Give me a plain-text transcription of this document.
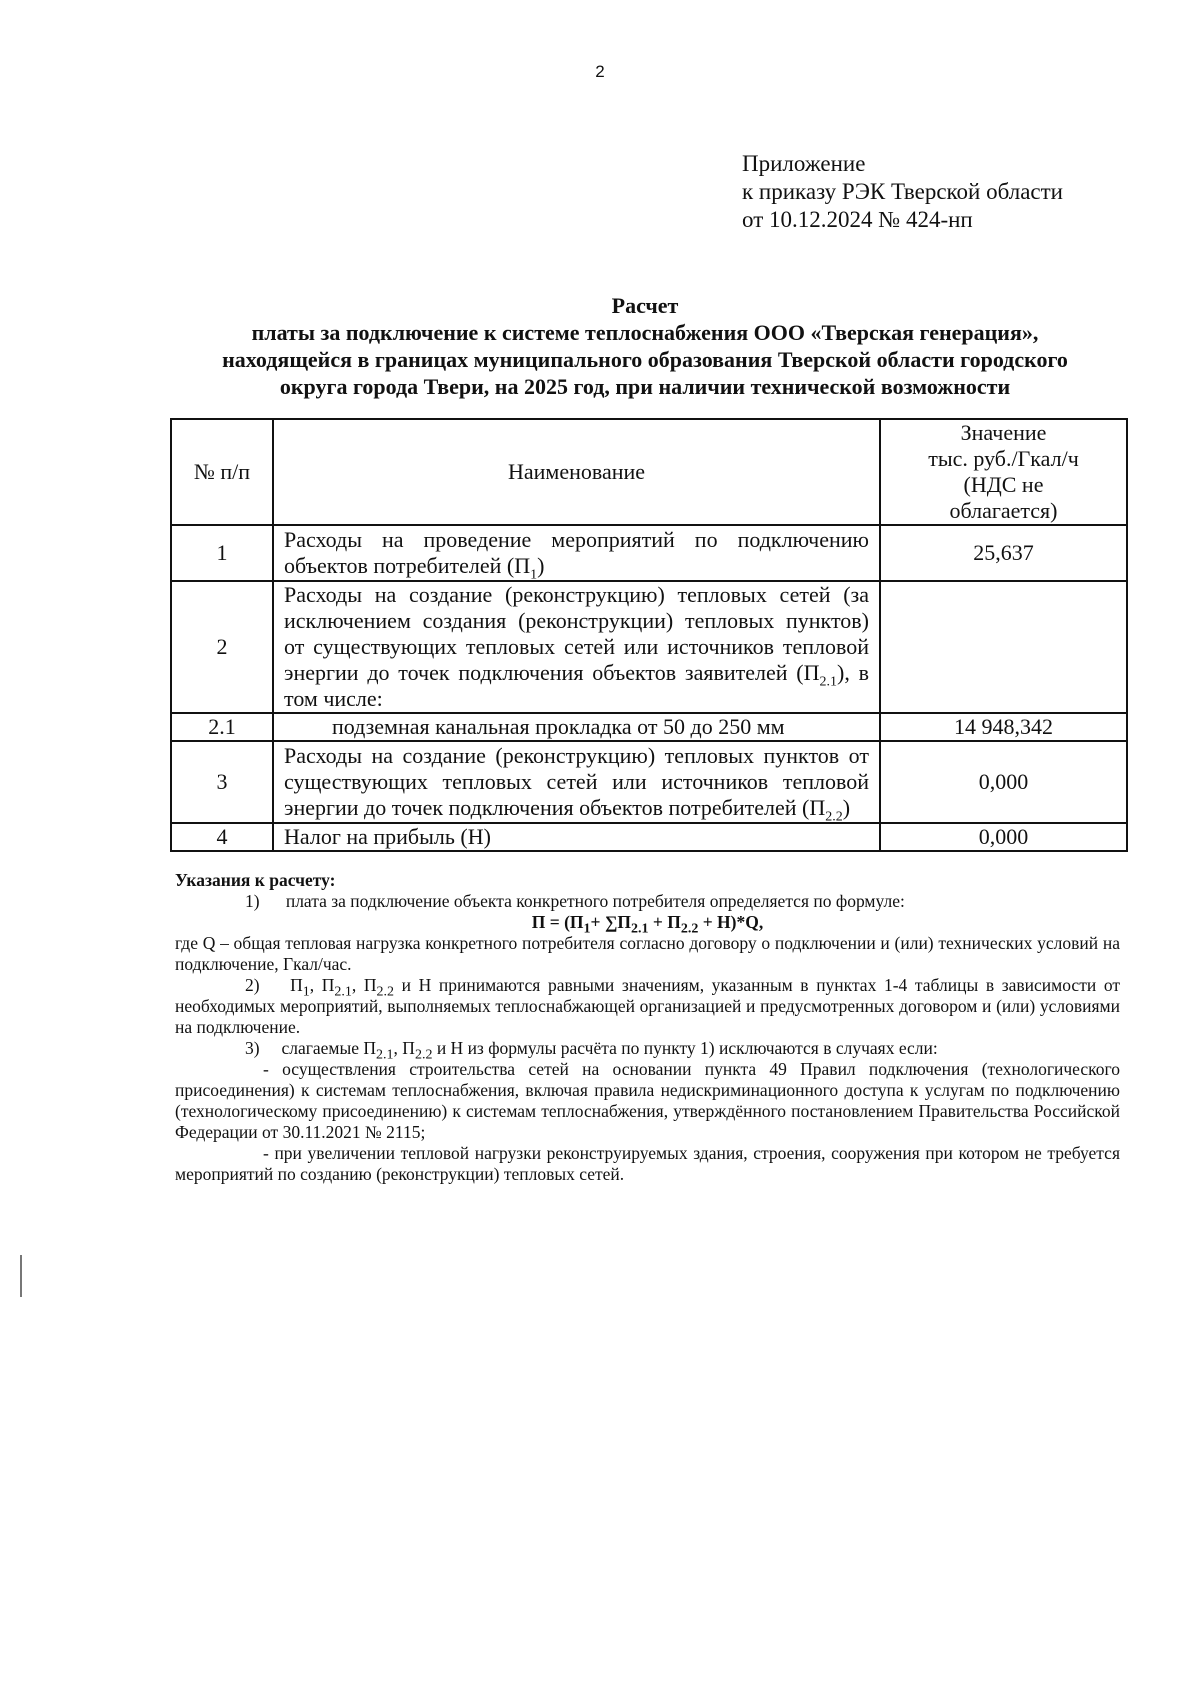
2
Приложение
к приказу РЭК Тверской области
от 10.12.2024 № 424-нп
Расчет
платы за подключение к системе теплоснабжения ООО «Тверская генерация»,
находящейся в границах муниципального образования Тверской области городского
округа города Твери, на 2025 год, при наличии технической возможности
№ п/п	Наименование	Значение
тыс. руб./Гкал/ч
(НДС не
облагается)

1	Расходы на проведение мероприятий по подключению объектов потребителей $(П_1)$	25,637
2	Расходы на создание (реконструкцию) тепловых сетей (за исключением создания (реконструкции) тепловых пунктов) от существующих тепловых сетей или источников тепловой энергии до точек подключения объектов заявителей $(П_{2.1})$, в том числе:	
2.1	подземная канальная прокладка от 50 до 250 мм	14 948,342
3	Расходы на создание (реконструкцию) тепловых пунктов от существующих тепловых сетей или источников тепловой энергии до точек подключения объектов потребителей $(П_{2.2})$	0,000
4	Налог на прибыль (Н)	0,000

Указания к расчету:

1) плата за подключение объекта конкретного потребителя определяется по формуле:

$П = (П_1+ \sum П_{2.1} + П_{2.2} + Н)*Q$,

где Q – общая тепловая нагрузка конкретного потребителя согласно договору о подключении и (или) технических условий на подключение, Гкал/час.

2) $П_1$, $П_{2.1}$, $П_{2.2}$ и Н принимаются равными значениям, указанным в пунктах 1-4 таблицы в зависимости от необходимых мероприятий, выполняемых теплоснабжающей организацией и предусмотренных договором и (или) условиями на подключение.

3) слагаемые $П_{2.1}$, $П_{2.2}$ и Н из формулы расчёта по пункту 1) исключаются в случаях если:

- осуществления строительства сетей на основании пункта 49 Правил подключения (технологического присоединения) к системам теплоснабжения, включая правила недискриминационного доступа к услугам по подключению (технологическому присоединению) к системам теплоснабжения, утверждённого постановлением Правительства Российской Федерации от 30.11.2021 № 2115;

- при увеличении тепловой нагрузки реконструируемых здания, строения, сооружения при котором не требуется мероприятий по созданию (реконструкции) тепловых сетей.
